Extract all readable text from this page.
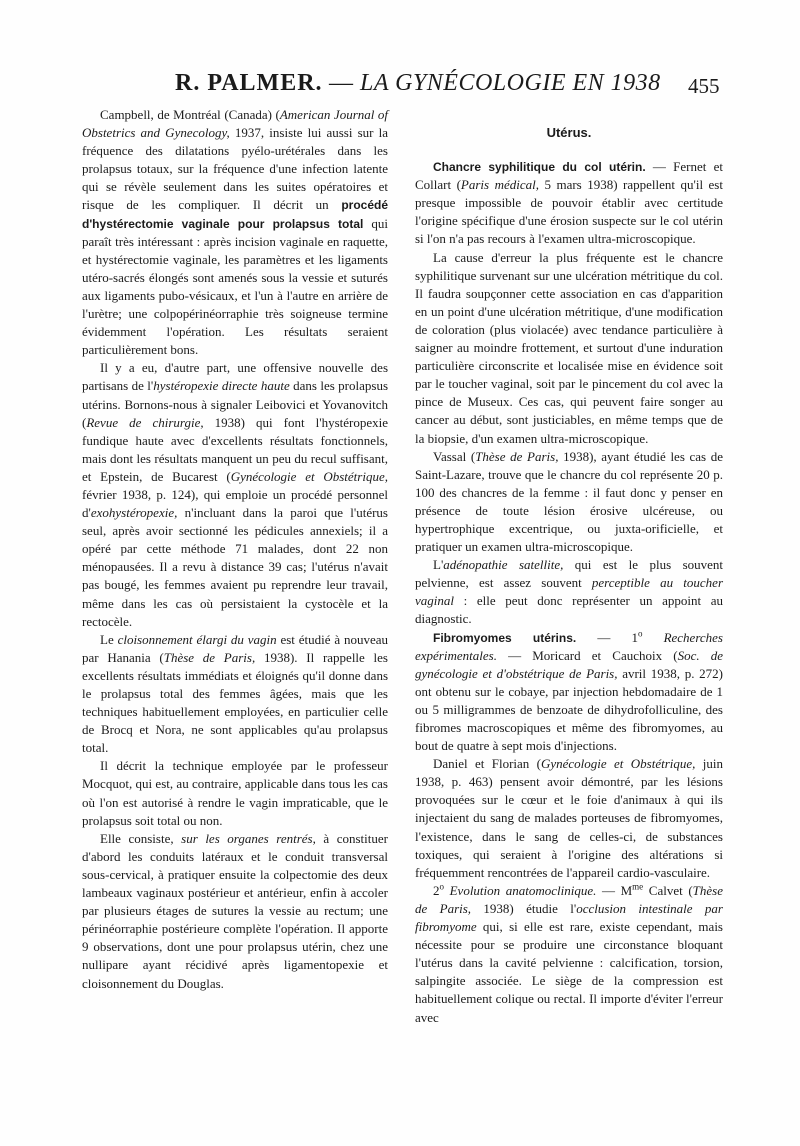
R. PALMER. — LA GYNÉCOLOGIE EN 1938 455

Campbell, de Montréal (Canada) (American Journal of Obstetrics and Gynecology, 1937, insiste lui aussi sur la fréquence des dilatations pyélo-urétérales dans les prolapsus totaux, sur la fréquence d'une infection latente qui se révèle seulement dans les suites opératoires et risque de les compliquer. Il décrit un procédé d'hystérectomie vaginale pour prolapsus total qui paraît très intéressant : après incision vaginale en raquette, et hystérectomie vaginale, les paramètres et les ligaments utéro-sacrés élongés sont amenés sous la vessie et suturés aux ligaments pubo-vésicaux, et l'un à l'autre en arrière de l'urètre; une colpopérinéorraphie très soigneuse termine évidemment l'opération. Les résultats seraient particulièrement bons.

Il y a eu, d'autre part, une offensive nouvelle des partisans de l'hystéropexie directe haute dans les prolapsus utérins. Bornons-nous à signaler Leibovici et Yovanovitch (Revue de chirurgie, 1938) qui font l'hystéropexie fundique haute avec d'excellents résultats fonctionnels, mais dont les résultats manquent un peu du recul suffisant, et Epstein, de Bucarest (Gynécologie et Obstétrique, février 1938, p. 124), qui emploie un procédé personnel d'exohystéropexie, n'incluant dans la paroi que l'utérus seul, après avoir sectionné les pédicules annexiels; il a opéré par cette méthode 71 malades, dont 22 non ménopausées. Il a revu à distance 39 cas; l'utérus n'avait pas bougé, les femmes avaient pu reprendre leur travail, même dans les cas où persistaient la cystocèle et la rectocèle.

Le cloisonnement élargi du vagin est étudié à nouveau par Hanania (Thèse de Paris, 1938). Il rappelle les excellents résultats immédiats et éloignés qu'il donne dans le prolapsus total des femmes âgées, mais que les techniques habituellement employées, en particulier celle de Brocq et Nora, ne sont applicables qu'au prolapsus total.

Il décrit la technique employée par le professeur Mocquot, qui est, au contraire, applicable dans tous les cas où l'on est autorisé à rendre le vagin impraticable, que le prolapsus soit total ou non.

Elle consiste, sur les organes rentrés, à constituer d'abord les conduits latéraux et le conduit transversal sous-cervical, à pratiquer ensuite la colpectomie des deux lambeaux vaginaux postérieur et antérieur, enfin à accoler par plusieurs étages de sutures la vessie au rectum; une périnéorraphie postérieure complète l'opération. Il apporte 9 observations, dont une pour prolapsus utérin, chez une nullipare ayant récidivé après ligamentopexie et cloisonnement du Douglas.

Utérus.

Chancre syphilitique du col utérin. — Fernet et Collart (Paris médical, 5 mars 1938) rappellent qu'il est presque impossible de pouvoir établir avec certitude l'origine spécifique d'une érosion suspecte sur le col utérin si l'on n'a pas recours à l'examen ultra-microscopique.

La cause d'erreur la plus fréquente est le chancre syphilitique survenant sur une ulcération métritique du col. Il faudra soupçonner cette association en cas d'apparition en un point d'une ulcération métritique, d'une modification de coloration (plus violacée) avec tendance particulière à saigner au moindre frottement, et surtout d'une induration particulière circonscrite et localisée mise en évidence soit par le toucher vaginal, soit par le pincement du col avec la pince de Museux. Ces cas, qui peuvent faire songer au cancer au début, sont justiciables, en même temps que de la biopsie, d'un examen ultra-microscopique.

Vassal (Thèse de Paris, 1938), ayant étudié les cas de Saint-Lazare, trouve que le chancre du col représente 20 p. 100 des chancres de la femme : il faut donc y penser en présence de toute lésion érosive ulcéreuse, ou hypertrophique excentrique, ou juxta-orificielle, et pratiquer un examen ultra-microscopique.

L'adénopathie satellite, qui est le plus souvent pelvienne, est assez souvent perceptible au toucher vaginal : elle peut donc représenter un appoint au diagnostic.

Fibromyomes utérins. — 1$^o$ Recherches expérimentales. — Moricard et Cauchoix (Soc. de gynécologie et d'obstétrique de Paris, avril 1938, p. 272) ont obtenu sur le cobaye, par injection hebdomadaire de 1 ou 5 milligrammes de benzoate de dihydrofolliculine, des fibromes macroscopiques et même des fibromyomes, au bout de quatre à sept mois d'injections.

Daniel et Florian (Gynécologie et Obstétrique, juin 1938, p. 463) pensent avoir démontré, par les lésions provoquées sur le cœur et le foie d'animaux à qui ils injectaient du sang de malades porteuses de fibromyomes, l'existence, dans le sang de celles-ci, de substances toxiques, qui seraient à l'origine des altérations si fréquemment rencontrées de l'appareil cardio-vasculaire.

2$^o$ Evolution anatomoclinique. — $M^{me}$ Calvet (Thèse de Paris, 1938) étudie l'occlusion intestinale par fibromyome qui, si elle est rare, existe cependant, mais nécessite pour se produire une circonstance bloquant l'utérus dans la cavité pelvienne : calcification, torsion, salpingite associée. Le siège de la compression est habituellement colique ou rectal. Il importe d'éviter l'erreur avec
